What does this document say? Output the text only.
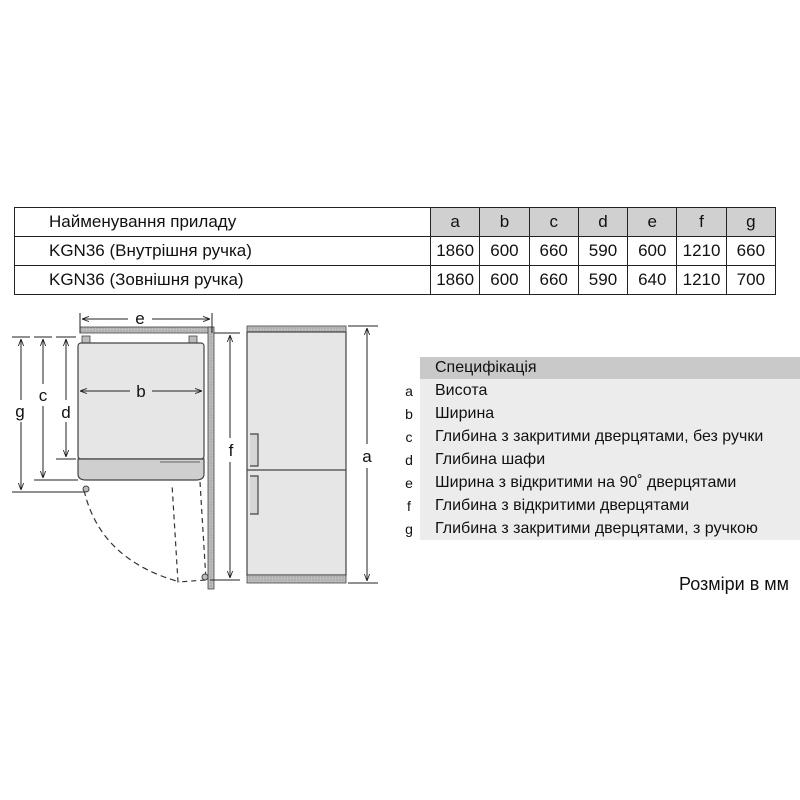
Найменування приладу	a	b	c	d	e	f	g
KGN36 (Внутрішня ручка)	1860	600	660	590	600	1210	660
KGN36 (Зовнішня ручка)	1860	600	660	590	640	1210	700
e
b
d
c
g
f	a
Специфікація
a	Висота
b	Ширина
c	Глибина з закритими дверцятами, без ручки
d	Глибина шафи
e	Ширина з відкритими на 90˚ дверцятами
f	Глибина з відкритими дверцятами
g	Глибина з закритими дверцятами, з ручкою
Розміри в мм
